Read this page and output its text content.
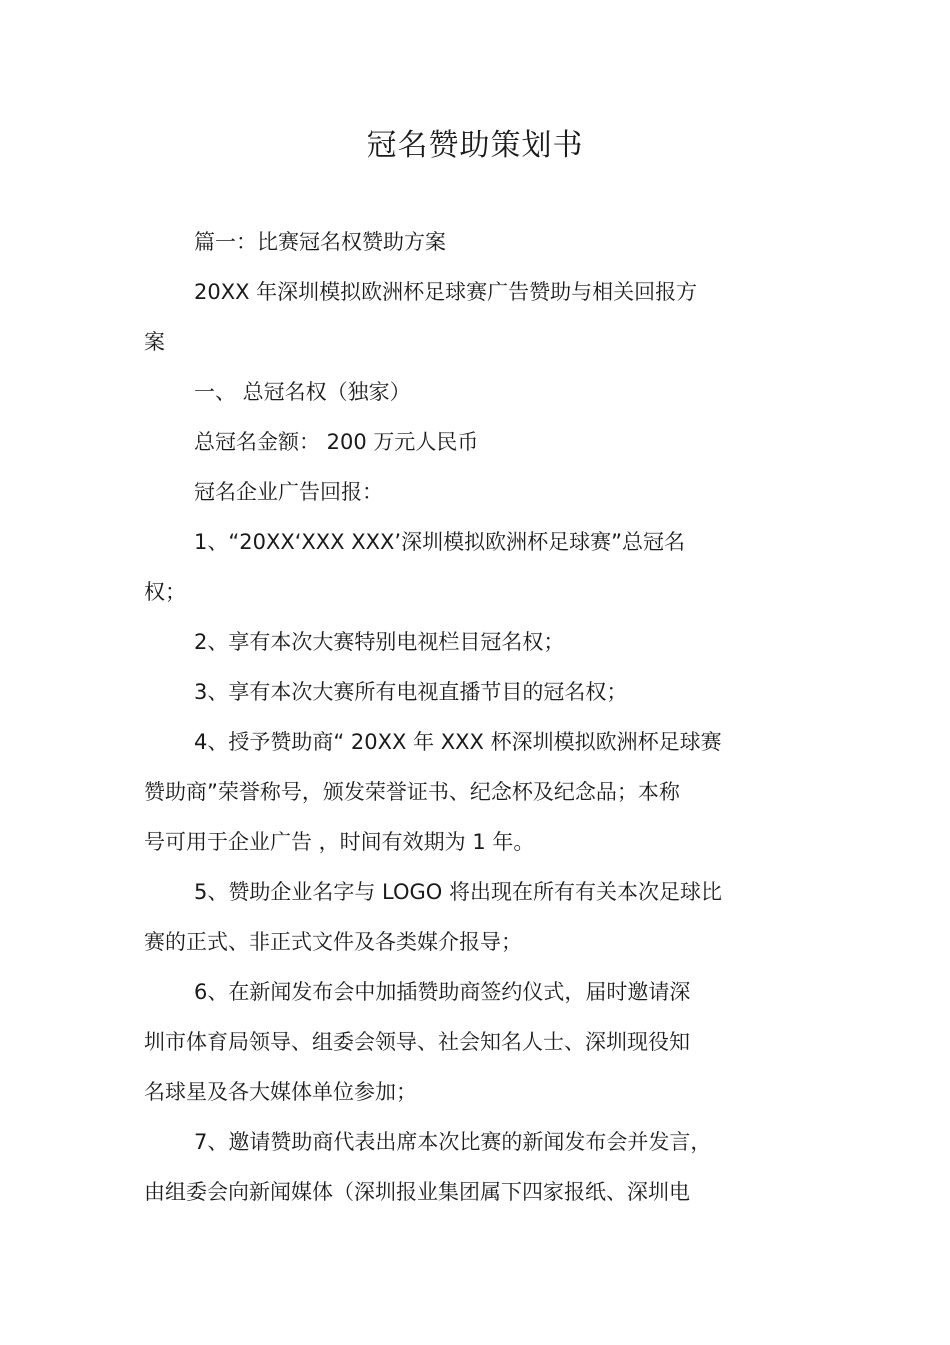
冠名赞助策划书
篇一：比赛冠名权赞助方案
20XX 年深圳模拟欧洲杯足球赛广告赞助与相关回报方
案
一、 总冠名权（独家）
总冠名金额： 200 万元人民币
冠名企业广告回报：
1、“20XX‘XXX XXX’深圳模拟欧洲杯足球赛”总冠名
权；
2、享有本次大赛特别电视栏目冠名权；
3、享有本次大赛所有电视直播节目的冠名权；
4、授予赞助商“ 20XX 年 XXX 杯深圳模拟欧洲杯足球赛
赞助商”荣誉称号，颁发荣誉证书、纪念杯及纪念品；本称
号可用于企业广告 ，时间有效期为 1 年。
5、赞助企业名字与 LOGO 将出现在所有有关本次足球比
赛的正式、非正式文件及各类媒介报导；
6、在新闻发布会中加插赞助商签约仪式，届时邀请深
圳市体育局领导、组委会领导、社会知名人士、深圳现役知
名球星及各大媒体单位参加；
7、邀请赞助商代表出席本次比赛的新闻发布会并发言，
由组委会向新闻媒体（深圳报业集团属下四家报纸、深圳电
